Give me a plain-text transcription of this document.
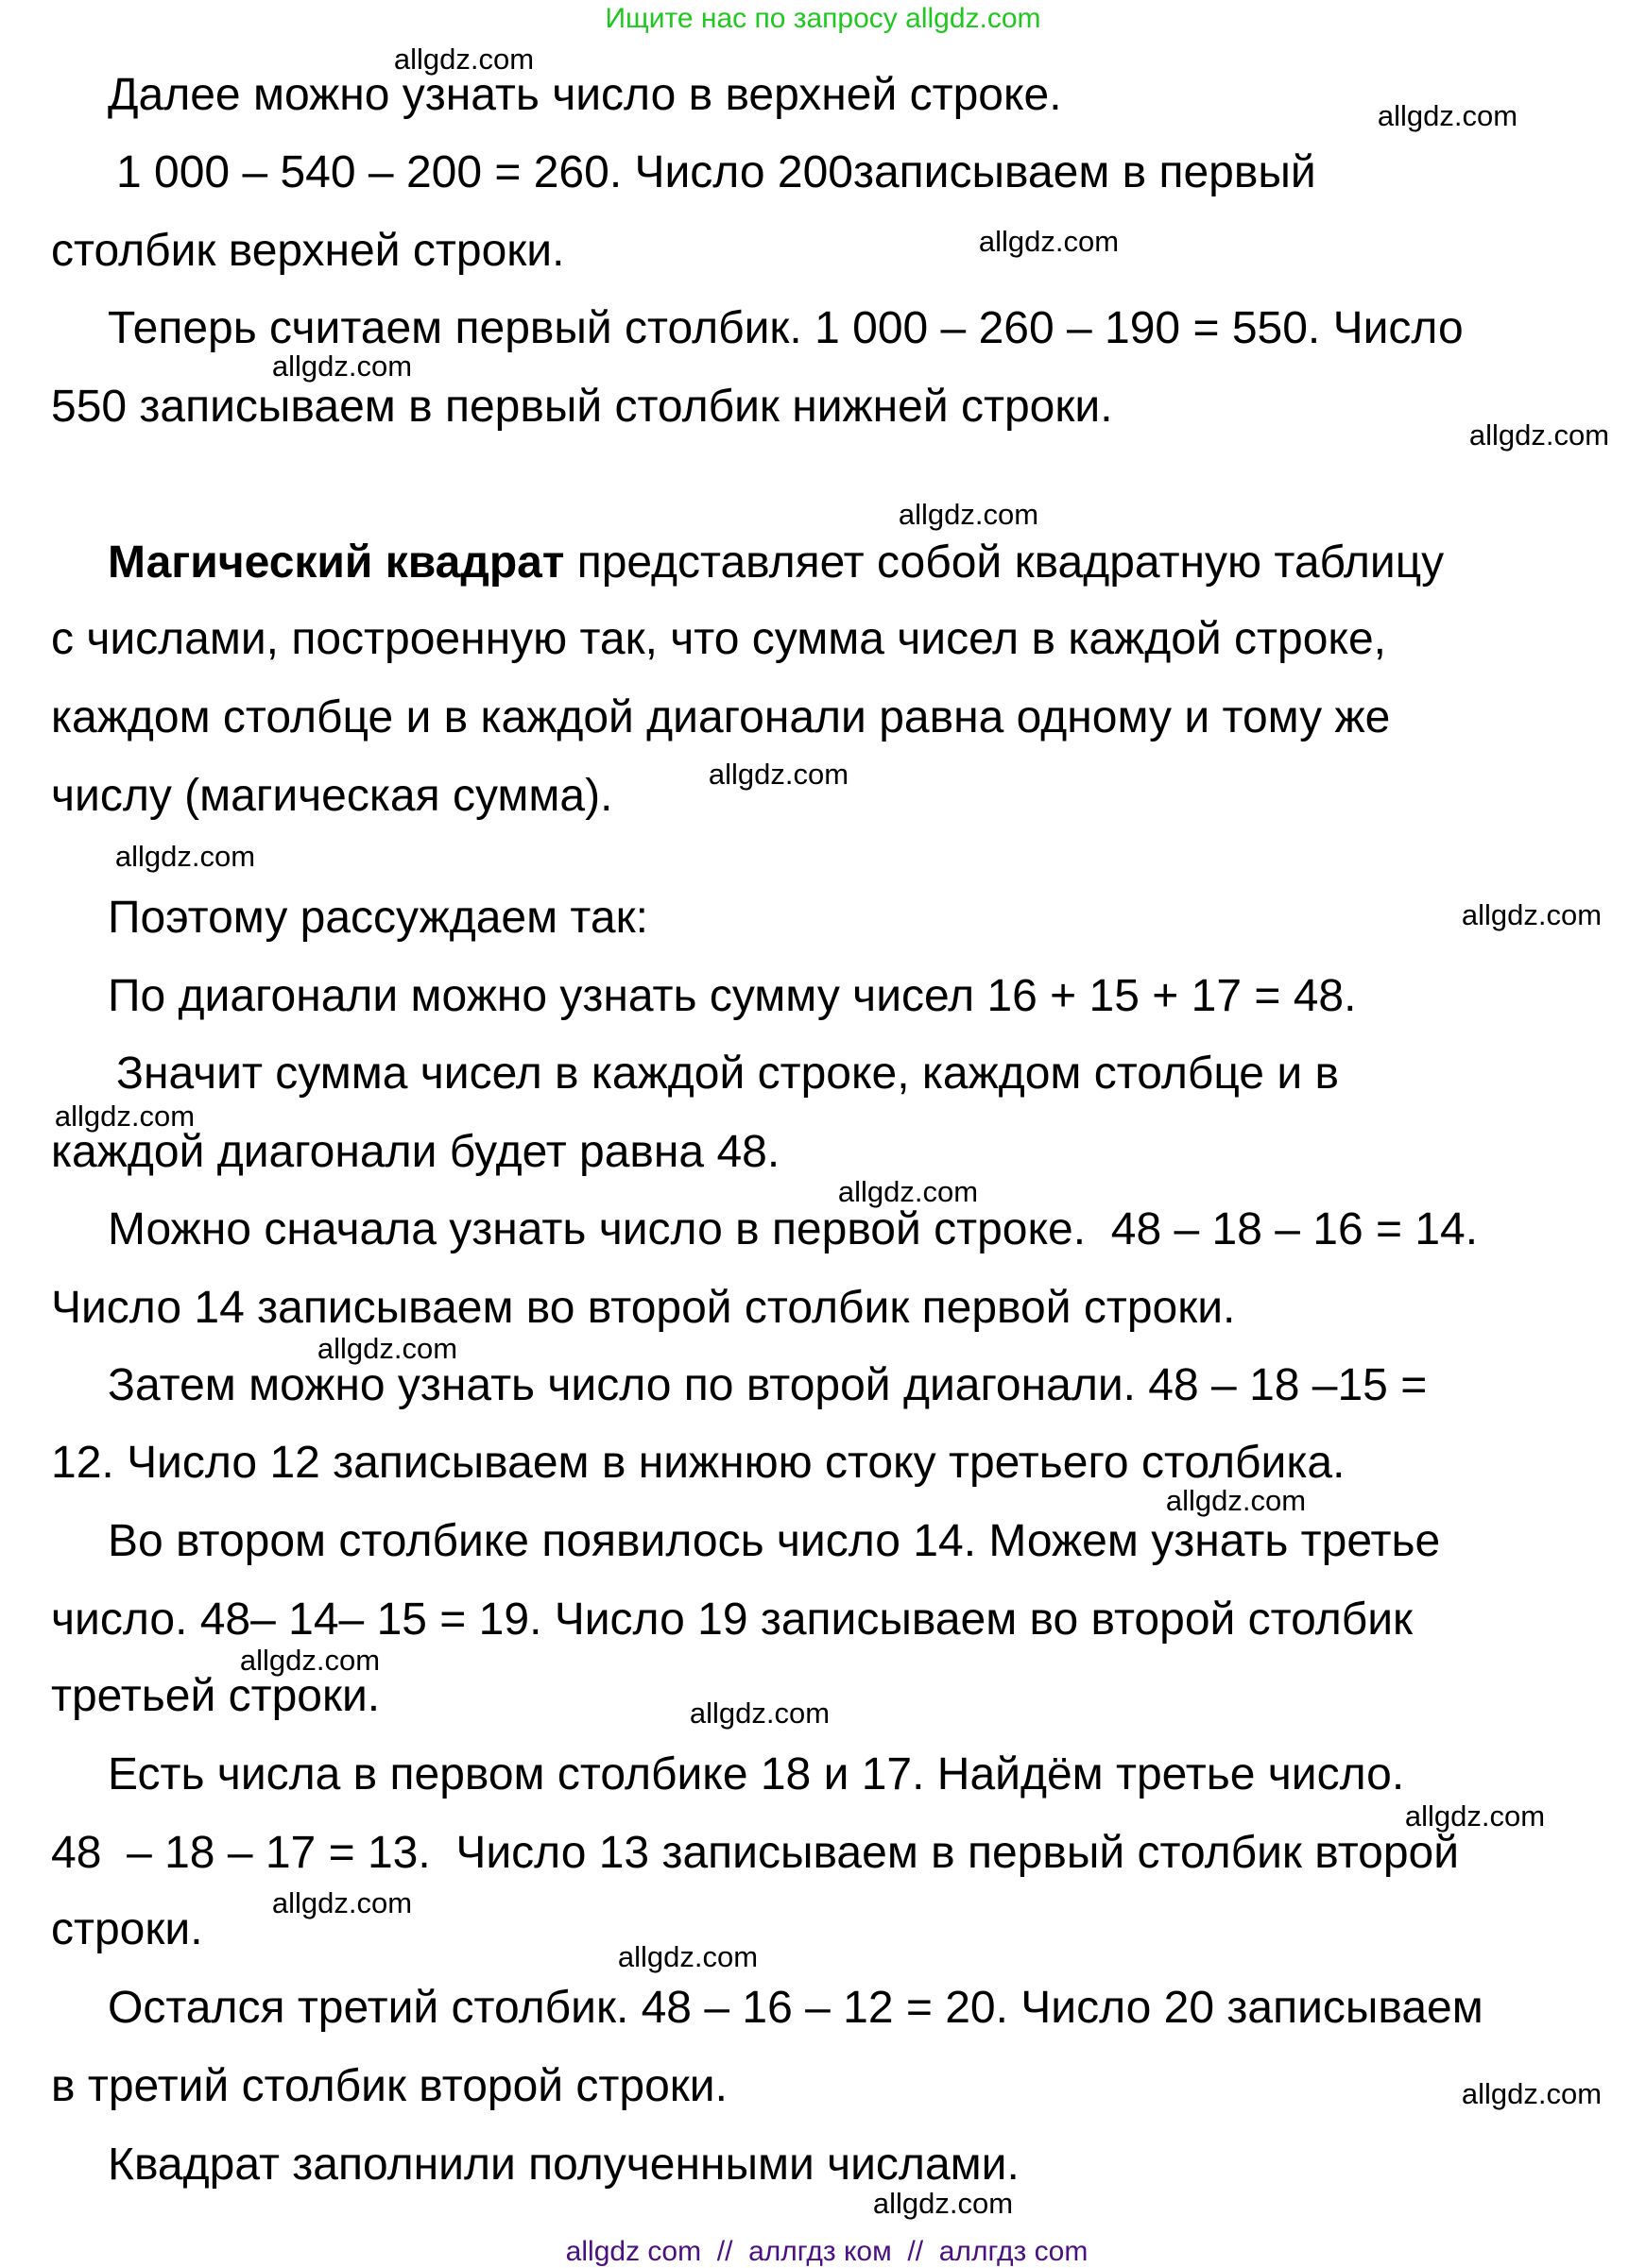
Ищите нас по запросу allgdz.com
Далее можно узнать число в верхней строке.
1 000 – 540 – 200 = 260. Число 200записываем в первый
столбик верхней строки.
Теперь считаем первый столбик. 1 000 – 260 – 190 = 550. Число
550 записываем в первый столбик нижней строки.
Магический квадрат представляет собой квадратную таблицу
с числами, построенную так, что сумма чисел в каждой строке,
каждом столбце и в каждой диагонали равна одному и тому же
числу (магическая сумма).
Поэтому рассуждаем так:
По диагонали можно узнать сумму чисел 16 + 15 + 17 = 48.
Значит сумма чисел в каждой строке, каждом столбце и в
каждой диагонали будет равна 48.
Можно сначала узнать число в первой строке.  48 – 18 – 16 = 14.
Число 14 записываем во второй столбик первой строки.
Затем можно узнать число по второй диагонали. 48 – 18 –15 =
12. Число 12 записываем в нижнюю стоку третьего столбика.
Во втором столбике появилось число 14. Можем узнать третье
число. 48– 14– 15 = 19. Число 19 записываем во второй столбик
третьей строки.
Есть числа в первом столбике 18 и 17. Найдём третье число.
48  – 18 – 17 = 13.  Число 13 записываем в первый столбик второй
строки.
Остался третий столбик. 48 – 16 – 12 = 20. Число 20 записываем
в третий столбик второй строки.
Квадрат заполнили полученными числами.
allgdz.com
allgdz.com
allgdz.com
allgdz.com
allgdz.com
allgdz.com
allgdz.com
allgdz.com
allgdz.com
allgdz.com
allgdz.com
allgdz.com
allgdz.com
allgdz.com
allgdz.com
allgdz.com
allgdz.com
allgdz.com
allgdz.com
allgdz.com
allgdz com  //  аллгдз ком  //  аллгдз com
